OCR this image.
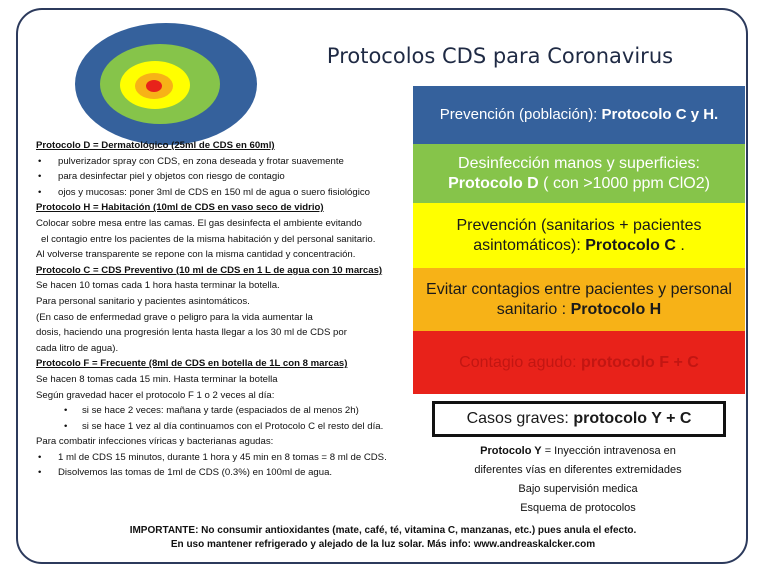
Protocolos CDS para Coronavirus

Protocolo D = Dermatológico (25ml de CDS en 60ml)

• pulverizador spray con CDS, en zona deseada y frotar suavemente

• para desinfectar piel y objetos con riesgo de contagio

• ojos y mucosas: poner 3ml de CDS en 150 ml de agua o suero fisiológico

Protocolo H = Habitación (10ml de CDS en vaso seco de vidrio)

Colocar sobre mesa entre las camas. El gas desinfecta el ambiente evitando

el contagio entre los pacientes de la misma habitación y del personal sanitario.

Al volverse transparente se repone con la misma cantidad y concentración.

Protocolo C = CDS Preventivo (10 ml de CDS en 1 L de agua con 10 marcas)

Se hacen 10 tomas cada 1 hora hasta terminar la botella.

Para personal sanitario y pacientes asintomáticos.

(En caso de enfermedad grave o peligro para la vida aumentar la

dosis, haciendo una progresión lenta hasta llegar a los 30 ml de CDS por

cada litro de agua).

Protocolo F = Frecuente (8ml de CDS en botella de 1L con 8 marcas)

Se hacen 8 tomas cada 15 min. Hasta terminar la botella

Según gravedad hacer el protocolo F 1 o 2 veces al día:

• si se hace 2 veces: mañana y tarde (espaciados de al menos 2h)

• si se hace 1 vez al día continuamos con el Protocolo C el resto del día.

Para combatir infecciones víricas y bacterianas agudas:

• 1 ml de CDS 15 minutos, durante 1 hora y 45 min en 8 tomas = 8 ml de CDS.

• Disolvemos las tomas de 1ml de CDS (0.3%) en 100ml de agua.

Prevención (población): Protocolo C y H.
Desinfección manos y superficies: Protocolo D ( con >1000 ppm ClO2)
Prevención (sanitarios + pacientes asintomáticos): Protocolo C .
Evitar contagios entre pacientes y personal sanitario : Protocolo H
Contagio agudo: protocolo F + C
Casos graves:
protocolo Y + C

Protocolo Y = Inyección intravenosa en

diferentes vías en diferentes extremidades

Bajo supervisión medica

Esquema de protocolos

IMPORTANTE: No consumir antioxidantes (mate, café, té, vitamina C, manzanas, etc.) pues anula el efecto.

En uso mantener refrigerado y alejado de la luz solar. Más info: www.andreaskalcker.com
